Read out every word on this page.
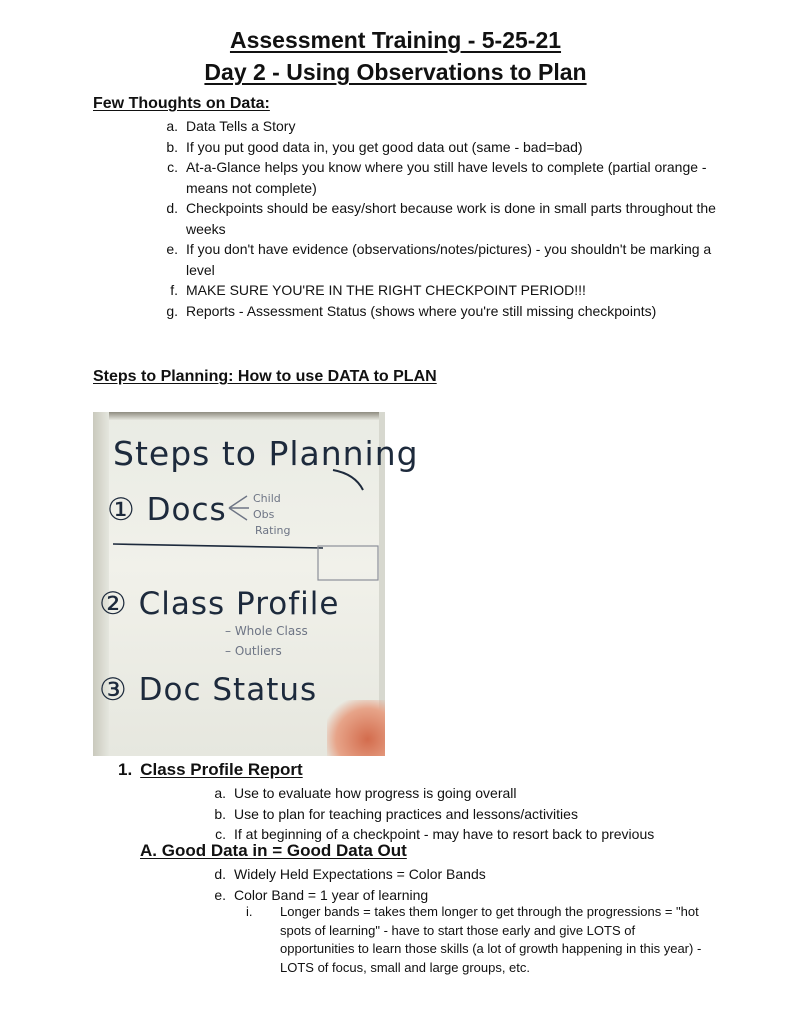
Assessment Training - 5-25-21
Day 2 - Using Observations to Plan
Few Thoughts on Data:
a. Data Tells a Story
b. If you put good data in, you get good data out (same - bad=bad)
c. At-a-Glance helps you know where you still have levels to complete (partial orange - means not complete)
d. Checkpoints should be easy/short because work is done in small parts throughout the weeks
e. If you don't have evidence (observations/notes/pictures) - you shouldn't be marking a level
f. MAKE SURE YOU'RE IN THE RIGHT CHECKPOINT PERIOD!!!
g. Reports - Assessment Status (shows where you're still missing checkpoints)
Steps to Planning: How to use DATA to PLAN
Steps to Planning
① Docs Child
Obs
Rating
② Class Profile
– Whole Class
– Outliers
③ Doc Status
1. Class Profile Report
a. Use to evaluate how progress is going overall
b. Use to plan for teaching practices and lessons/activities
c. If at beginning of a checkpoint - may have to resort back to previous
A. Good Data in = Good Data Out
d. Widely Held Expectations = Color Bands
e. Color Band = 1 year of learning
i. Longer bands = takes them longer to get through the progressions = "hot spots of learning" - have to start those early and give LOTS of opportunities to learn those skills (a lot of growth happening in this year) - LOTS of focus, small and large groups, etc.
